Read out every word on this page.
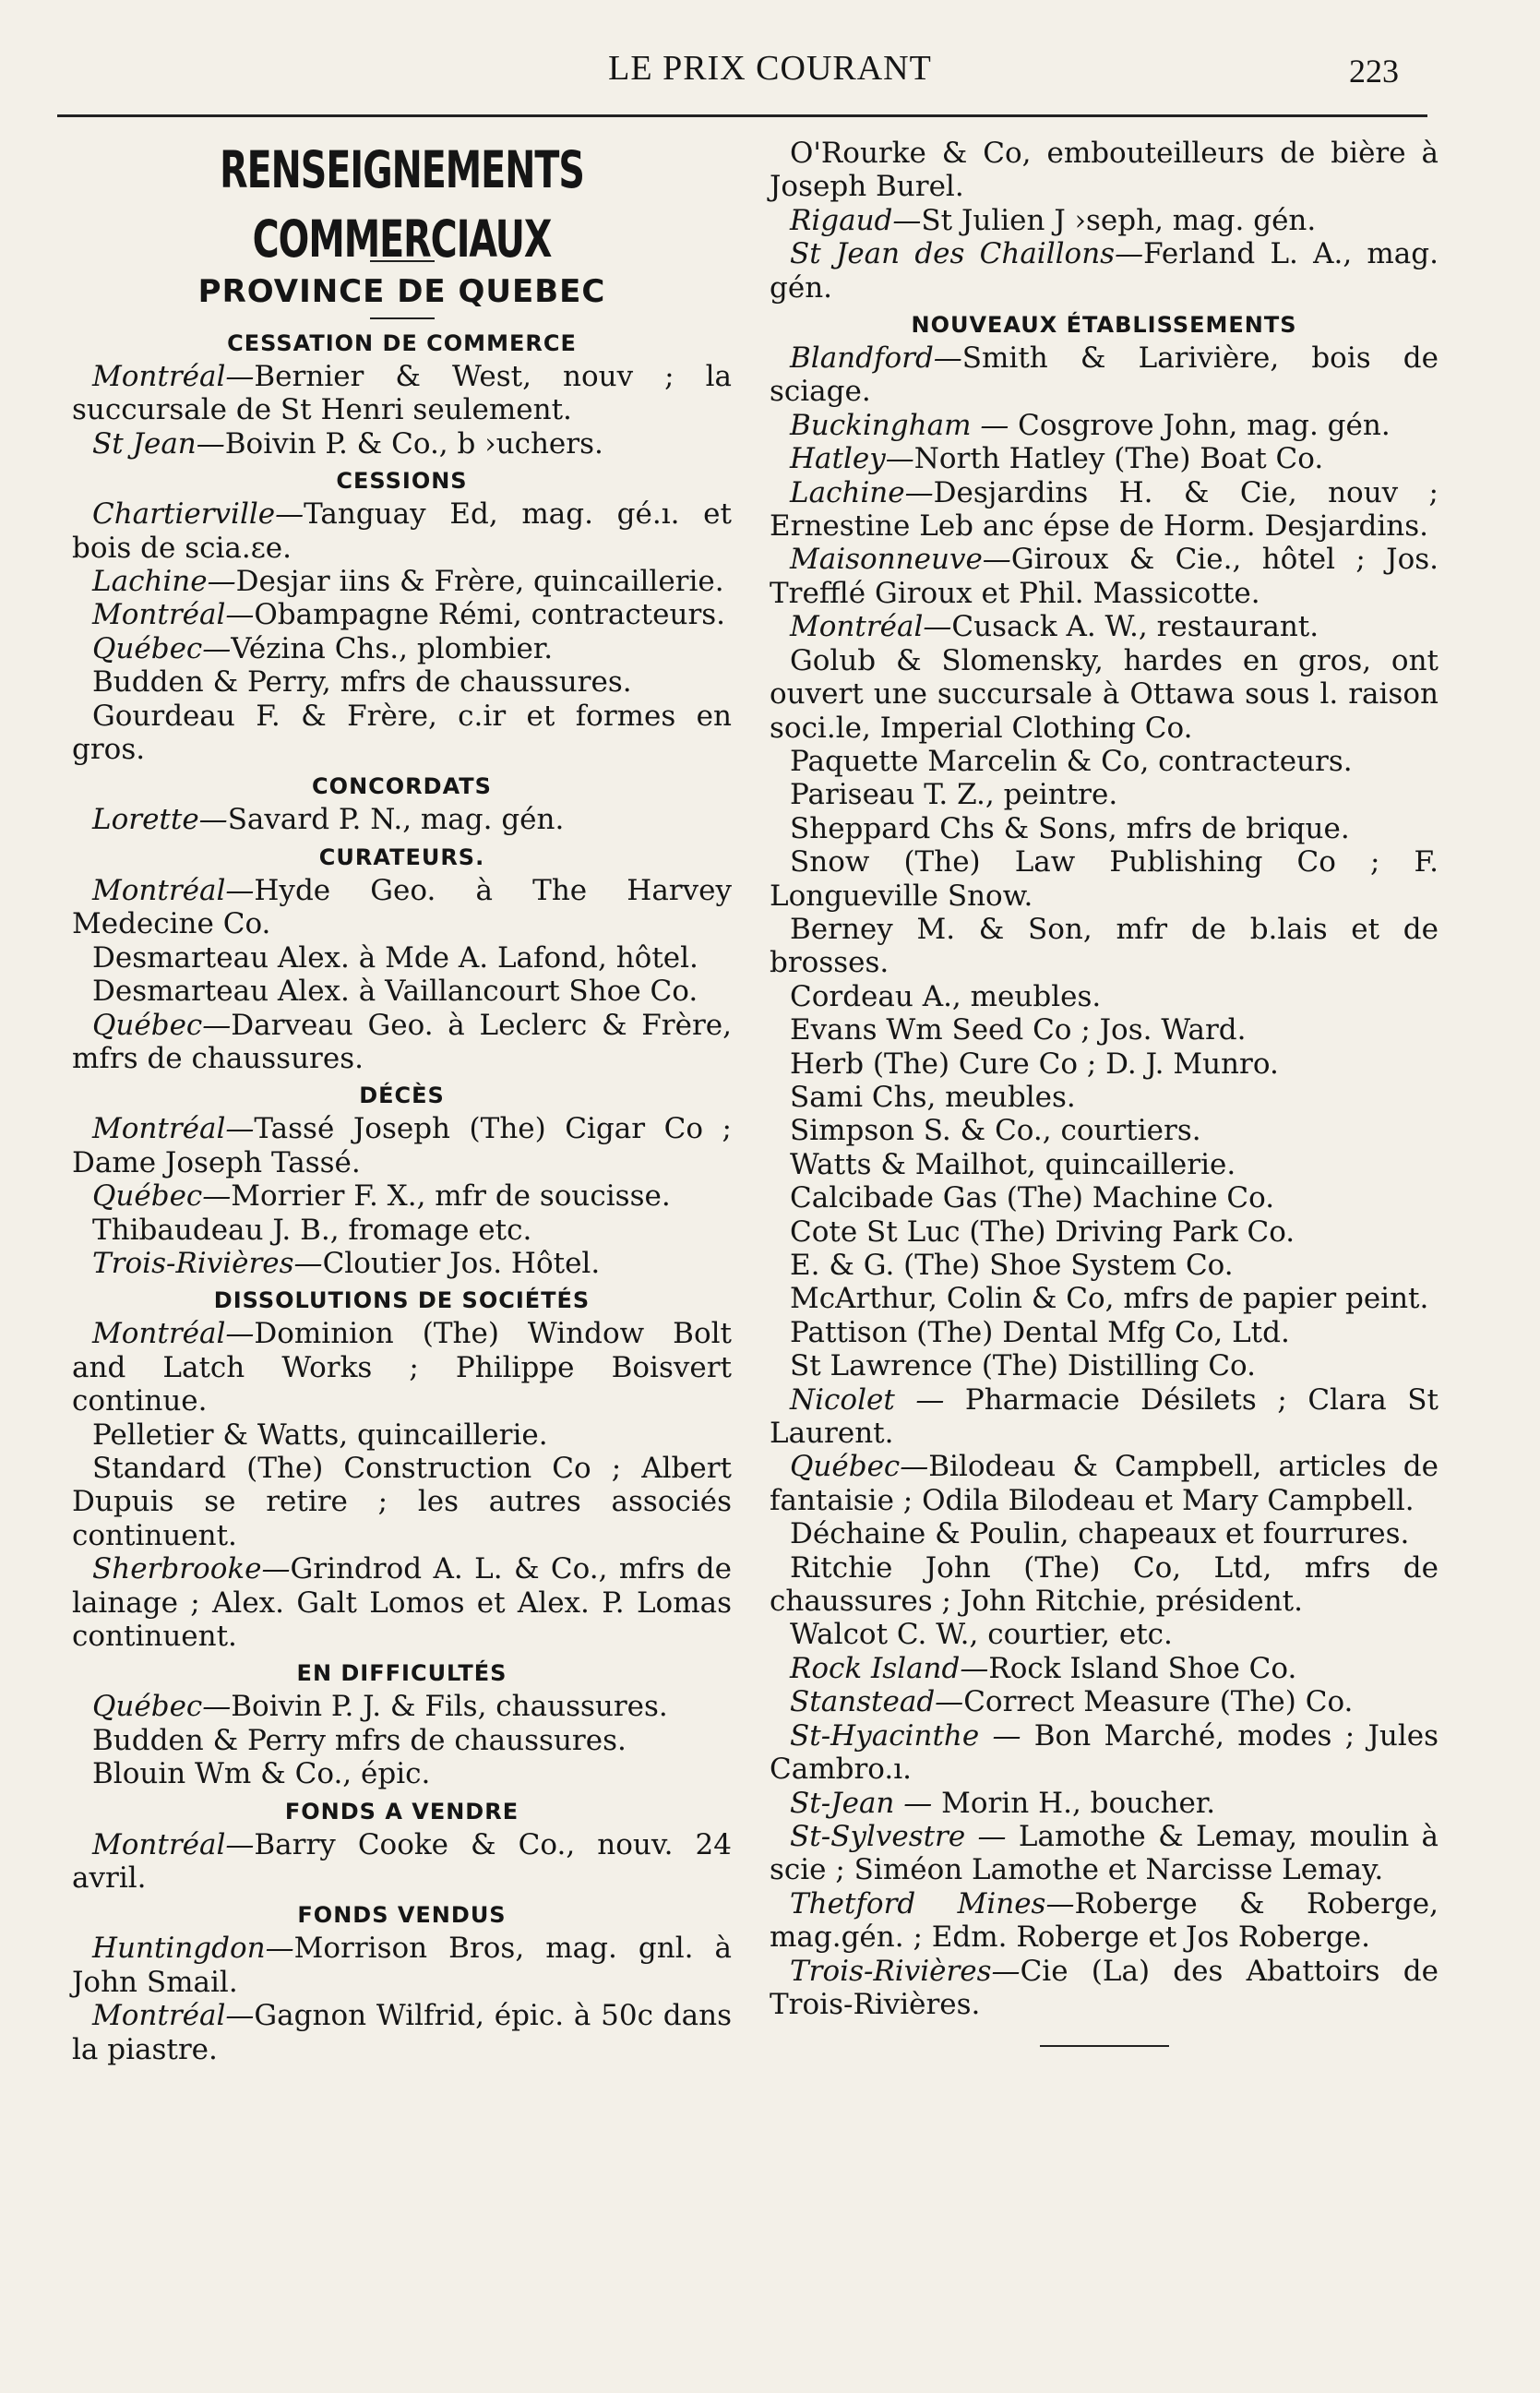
LE PRIX COURANT	223
RENSEIGNEMENTS COMMERCIAUX
PROVINCE DE QUEBEC
CESSATION DE COMMERCE

Montréal—Bernier & West, nouv ; la succursale de St Henri seulement.

St Jean—Boivin P. & Co., b ›uchers.

CESSIONS

Chartierville—Tanguay Ed, mag. gé.ı. et bois de scia.ɛe.

Lachine—Desjar iins & Frère, quincaillerie.

Montréal—Obampagne Rémi, contracteurs.

Québec—Vézina Chs., plombier.

Budden & Perry, mfrs de chaussures.

Gourdeau F. & Frère, c.ir et formes en gros.

CONCORDATS

Lorette—Savard P. N., mag. gén.

CURATEURS.

Montréal—Hyde Geo. à The Harvey Medecine Co.

Desmarteau Alex. à Mde A. Lafond, hôtel.

Desmarteau Alex. à Vaillancourt Shoe Co.

Québec—Darveau Geo. à Leclerc & Frère, mfrs de chaussures.

DÉCÈS

Montréal—Tassé Joseph (The) Cigar Co ; Dame Joseph Tassé.

Québec—Morrier F. X., mfr de soucisse.

Thibaudeau J. B., fromage etc.

Trois-Rivières—Cloutier Jos. Hôtel.

DISSOLUTIONS DE SOCIÉTÉS

Montréal—Dominion (The) Window Bolt and Latch Works ; Philippe Boisvert continue.

Pelletier & Watts, quincaillerie.

Standard (The) Construction Co ; Albert Dupuis se retire ; les autres associés continuent.

Sherbrooke—Grindrod A. L. & Co., mfrs de lainage ; Alex. Galt Lomos et Alex. P. Lomas continuent.

EN DIFFICULTÉS

Québec—Boivin P. J. & Fils, chaussures.

Budden & Perry mfrs de chaussures.

Blouin Wm & Co., épic.

FONDS A VENDRE

Montréal—Barry Cooke & Co., nouv. 24 avril.

FONDS VENDUS

Huntingdon—Morrison Bros, mag. gnl. à John Smail.

Montréal—Gagnon Wilfrid, épic. à 50c dans la piastre.

O'Rourke & Co, embouteilleurs de bière à Joseph Burel.

Rigaud—St Julien J ›seph, mag. gén.

St Jean des Chaillons—Ferland L. A., mag. gén.

NOUVEAUX ÉTABLISSEMENTS

Blandford—Smith & Larivière, bois de sciage.

Buckingham — Cosgrove John, mag. gén.

Hatley—North Hatley (The) Boat Co.

Lachine—Desjardins H. & Cie, nouv ; Ernestine Leb anc épse de Horm. Desjardins.

Maisonneuve—Giroux & Cie., hôtel ; Jos. Trefflé Giroux et Phil. Massicotte.

Montréal—Cusack A. W., restaurant.

Golub & Slomensky, hardes en gros, ont ouvert une succursale à Ottawa sous l. raison soci.le, Imperial Clothing Co.

Paquette Marcelin & Co, contracteurs.

Pariseau T. Z., peintre.

Sheppard Chs & Sons, mfrs de brique.

Snow (The) Law Publishing Co ; F. Longueville Snow.

Berney M. & Son, mfr de b.lais et de brosses.

Cordeau A., meubles.

Evans Wm Seed Co ; Jos. Ward.

Herb (The) Cure Co ; D. J. Munro.

Sami Chs, meubles.

Simpson S. & Co., courtiers.

Watts & Mailhot, quincaillerie.

Calcibade Gas (The) Machine Co.

Cote St Luc (The) Driving Park Co.

E. & G. (The) Shoe System Co.

McArthur, Colin & Co, mfrs de papier peint.

Pattison (The) Dental Mfg Co, Ltd.

St Lawrence (The) Distilling Co.

Nicolet — Pharmacie Désilets ; Clara St Laurent.

Québec—Bilodeau & Campbell, articles de fantaisie ; Odila Bilodeau et Mary Campbell.

Déchaine & Poulin, chapeaux et fourrures.

Ritchie John (The) Co, Ltd, mfrs de chaussures ; John Ritchie, président.

Walcot C. W., courtier, etc.

Rock Island—Rock Island Shoe Co.

Stanstead—Correct Measure (The) Co.

St-Hyacinthe — Bon Marché, modes ; Jules Cambro.ı.

St-Jean — Morin H., boucher.

St-Sylvestre — Lamothe & Lemay, moulin à scie ; Siméon Lamothe et Narcisse Lemay.

Thetford Mines—Roberge & Roberge, mag.gén. ; Edm. Roberge et Jos Roberge.

Trois-Rivières—Cie (La) des Abattoirs de Trois-Rivières.
